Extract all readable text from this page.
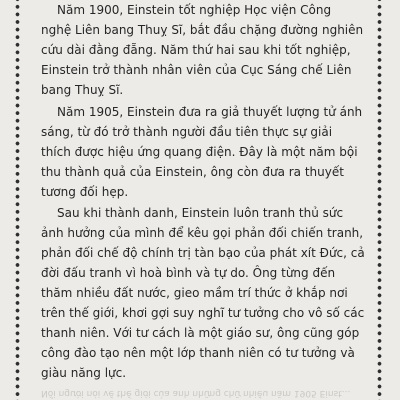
Năm 1900, Einstein tốt nghiệp Học viện Công nghệ Liên bang Thuỵ Sĩ, bắt đầu chặng đường nghiên cứu dài đằng đẵng. Năm thứ hai sau khi tốt nghiệp, Einstein trở thành nhân viên của Cục Sáng chế Liên bang Thuỵ Sĩ.

Năm 1905, Einstein đưa ra giả thuyết lượng tử ánh sáng, từ đó trở thành người đầu tiên thực sự giải thích được hiệu ứng quang điện. Đây là một năm bội thu thành quả của Einstein, ông còn đưa ra thuyết tương đối hẹp.

Sau khi thành danh, Einstein luôn tranh thủ sức ảnh hưởng của mình để kêu gọi phản đối chiến tranh, phản đối chế độ chính trị tàn bạo của phát xít Đức, cả đời đấu tranh vì hoà bình và tự do. Ông từng đến thăm nhiều đất nước, gieo mầm trí thức ở khắp nơi trên thế giới, khơi gợi suy nghĩ tư tưởng cho vô số các thanh niên. Với tư cách là một giáo sư, ông cũng góp công đào tạo nên một lớp thanh niên có tư tưởng và giàu năng lực.

Nổi người nói về thế giới của anh những chữ nhiều năm 1905 Einst...
